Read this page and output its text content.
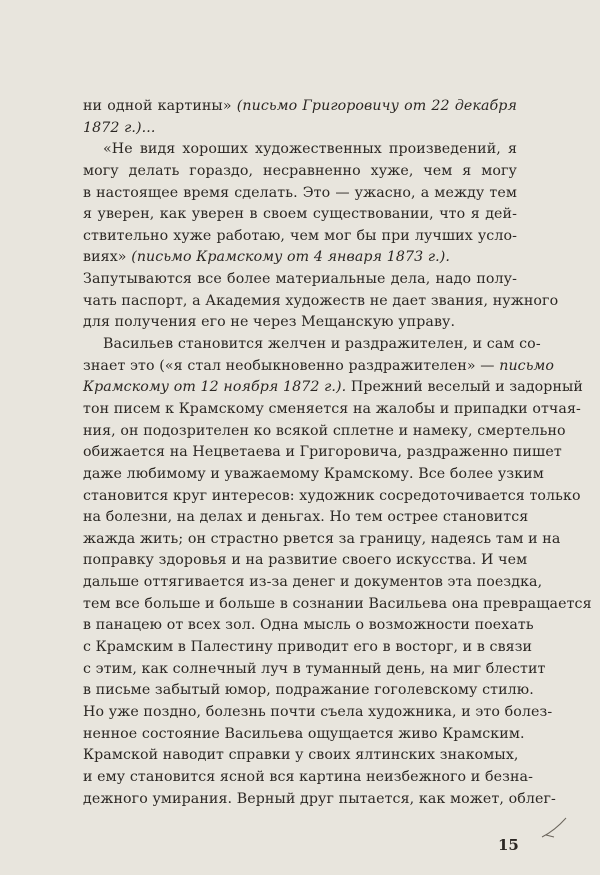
ни одной картины» (письмо Григоровичу от 22 декабря
1872 г.)...
«Не видя хороших художественных произведений, я
могу делать гораздо, несравненно хуже, чем я могу
в настоящее время сделать. Это — ужасно, а между тем
я уверен, как уверен в своем существовании, что я дей-
ствительно хуже работаю, чем мог бы при лучших усло-
виях» (письмо Крамскому от 4 января 1873 г.).
Запутываются все более материальные дела, надо полу-
чать паспорт, а Академия художеств не дает звания, нужного
для получения его не через Мещанскую управу.
Васильев становится желчен и раздражителен, и сам со-
знает это («я стал необыкновенно раздражителен» — письмо
Крамскому от 12 ноября 1872 г.). Прежний веселый и задорный
тон писем к Крамскому сменяется на жалобы и припадки отчая-
ния, он подозрителен ко всякой сплетне и намеку, смертельно
обижается на Нецветаева и Григоровича, раздраженно пишет
даже любимому и уважаемому Крамскому. Все более узким
становится круг интересов: художник сосредоточивается только
на болезни, на делах и деньгах. Но тем острее становится
жажда жить; он страстно рвется за границу, надеясь там и на
поправку здоровья и на развитие своего искусства. И чем
дальше оттягивается из-за денег и документов эта поездка,
тем все больше и больше в сознании Васильева она превращается
в панацею от всех зол. Одна мысль о возможности поехать
с Крамским в Палестину приводит его в восторг, и в связи
с этим, как солнечный луч в туманный день, на миг блестит
в письме забытый юмор, подражание гоголевскому стилю.
Но уже поздно, болезнь почти съела художника, и это болез-
ненное состояние Васильева ощущается живо Крамским.
Крамской наводит справки у своих ялтинских знакомых,
и ему становится ясной вся картина неизбежного и безна-
дежного умирания. Верный друг пытается, как может, облег-
15
